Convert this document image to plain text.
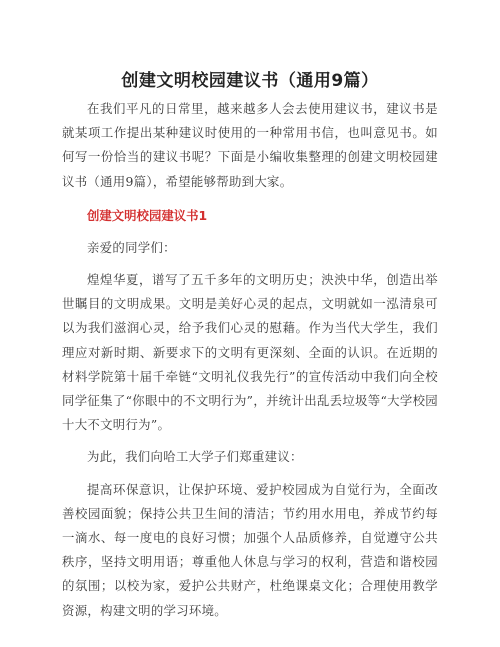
创建文明校园建议书（通用9篇）

在我们平凡的日常里，越来越多人会去使用建议书，建议书是就某项工作提出某种建议时使用的一种常用书信，也叫意见书。如何写一份恰当的建议书呢？下面是小编收集整理的创建文明校园建议书（通用9篇），希望能够帮助到大家。

创建文明校园建议书1

亲爱的同学们：

煌煌华夏，谱写了五千多年的文明历史；泱泱中华，创造出举世瞩目的文明成果。文明是美好心灵的起点，文明就如一泓清泉可以为我们滋润心灵，给予我们心灵的慰藉。作为当代大学生，我们理应对新时期、新要求下的文明有更深刻、全面的认识。在近期的材料学院第十届千牵链“文明礼仪我先行”的宣传活动中我们向全校同学征集了“你眼中的不文明行为”，并统计出乱丢垃圾等“大学校园十大不文明行为”。

为此，我们向哈工大学子们郑重建议：

提高环保意识，让保护环境、爱护校园成为自觉行为，全面改善校园面貌；保持公共卫生间的清洁；节约用水用电，养成节约每一滴水、每一度电的良好习惯；加强个人品质修养，自觉遵守公共秩序，坚持文明用语；尊重他人休息与学习的权利，营造和谐校园的氛围；以校为家，爱护公共财产，杜绝课桌文化；合理使用教学资源，构建文明的学习环境。
